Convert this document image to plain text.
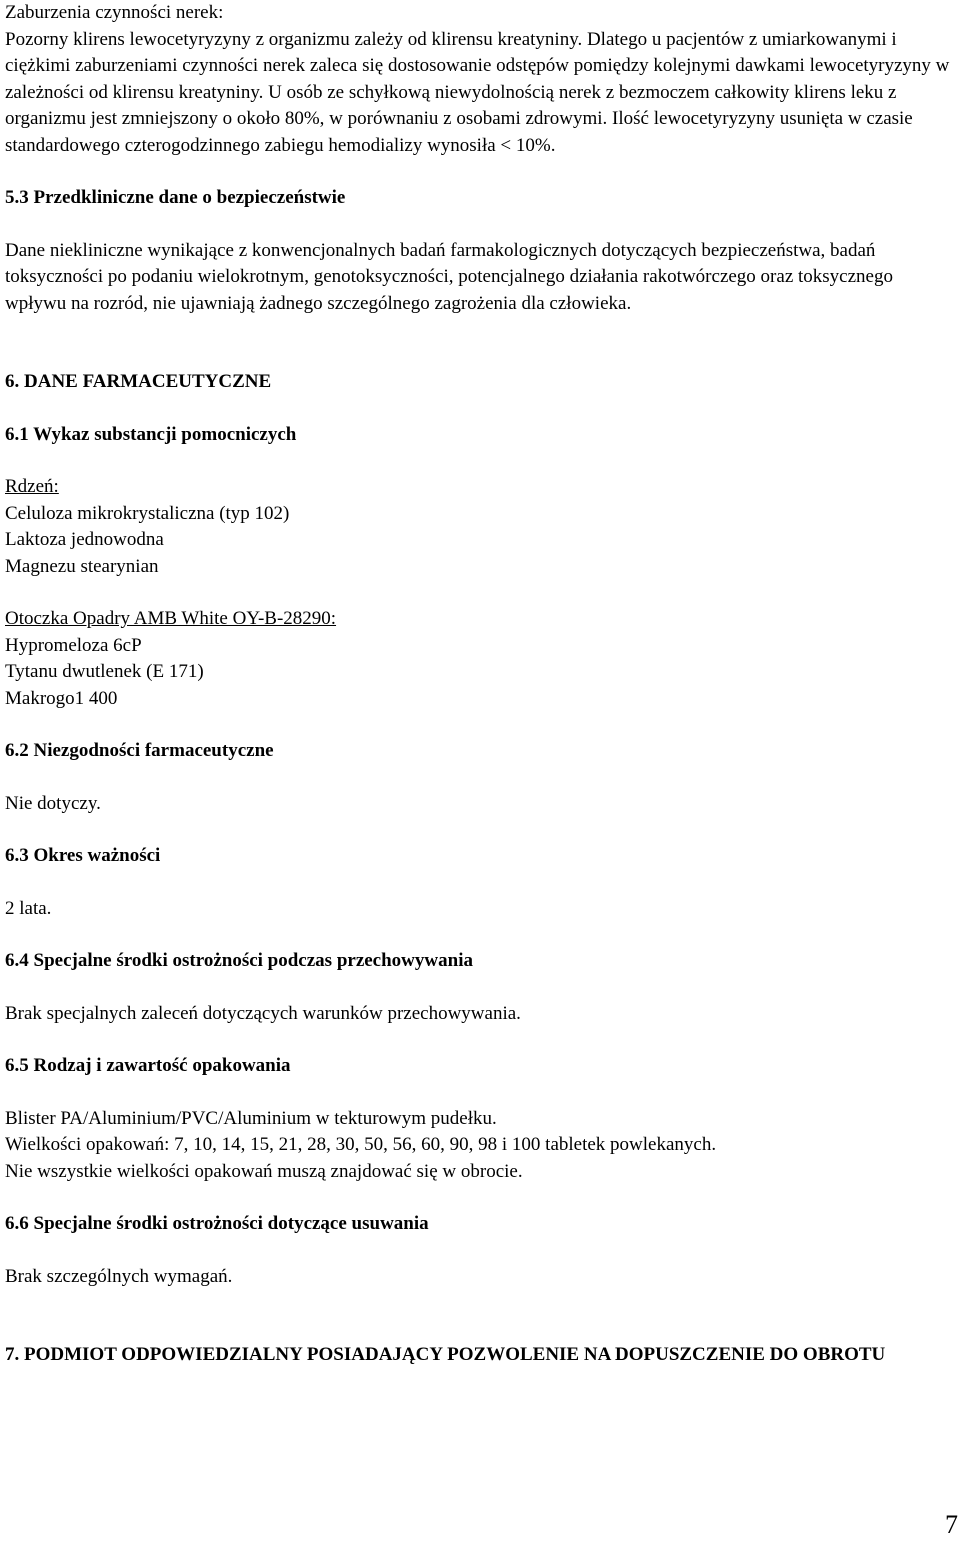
Zaburzenia czynności nerek:

Pozorny klirens lewocetyryzyny z organizmu zależy od klirensu kreatyniny. Dlatego u pacjentów z umiarkowanymi i ciężkimi zaburzeniami czynności nerek zaleca się dostosowanie odstępów pomiędzy kolejnymi dawkami lewocetyryzyny w zależności od klirensu kreatyniny. U osób ze schyłkową niewydolnością nerek z bezmoczem całkowity klirens leku z organizmu jest zmniejszony o około 80%, w porównaniu z osobami zdrowymi. Ilość lewocetyryzyny usunięta w czasie standardowego czterogodzinnego zabiegu hemodializy wynosiła < 10%.

5.3 Przedkliniczne dane o bezpieczeństwie

Dane niekliniczne wynikające z konwencjonalnych badań farmakologicznych dotyczących bezpieczeństwa, badań toksyczności po podaniu wielokrotnym, genotoksyczności, potencjalnego działania rakotwórczego oraz toksycznego wpływu na rozród, nie ujawniają żadnego szczególnego zagrożenia dla człowieka.

6. DANE FARMACEUTYCZNE

6.1 Wykaz substancji pomocniczych

Rdzeń:

Celuloza mikrokrystaliczna (typ 102)

Laktoza jednowodna

Magnezu stearynian

Otoczka Opadry AMB White OY-B-28290:

Hypromeloza 6cP

Tytanu dwutlenek (E 171)

Makrogo1 400

6.2 Niezgodności farmaceutyczne

Nie dotyczy.

6.3 Okres ważności

2 lata.

6.4 Specjalne środki ostrożności podczas przechowywania

Brak specjalnych zaleceń dotyczących warunków przechowywania.

6.5 Rodzaj i zawartość opakowania

Blister PA/Aluminium/PVC/Aluminium w tekturowym pudełku.

Wielkości opakowań: 7, 10, 14, 15, 21, 28, 30, 50, 56, 60, 90, 98 i 100 tabletek powlekanych.

Nie wszystkie wielkości opakowań muszą znajdować się w obrocie.

6.6 Specjalne środki ostrożności dotyczące usuwania

Brak szczególnych wymagań.

7. PODMIOT ODPOWIEDZIALNY POSIADAJĄCY POZWOLENIE NA DOPUSZCZENIE DO OBROTU

7
